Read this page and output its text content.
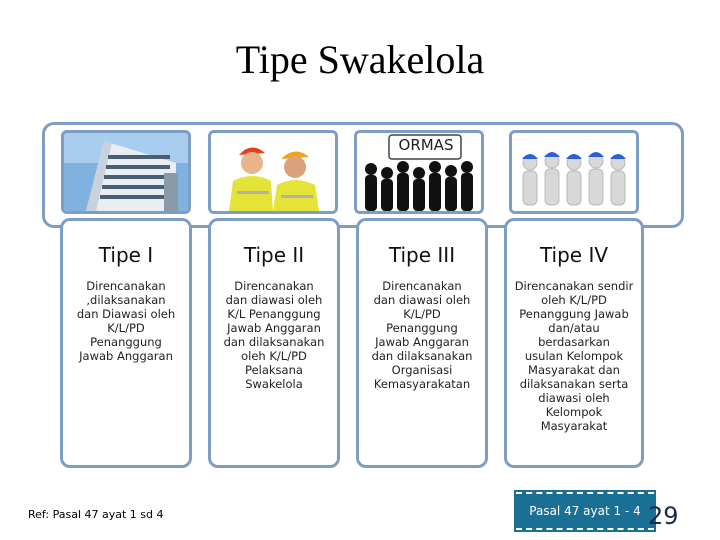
Tipe Swakelola
ORMAS
Tipe I
Direncanakan
,dilaksanakan
dan Diawasi oleh
K/L/PD
Penanggung
Jawab Anggaran
Tipe II
Direncanakan
dan diawasi oleh
K/L Penanggung
Jawab Anggaran
dan dilaksanakan
oleh K/L/PD
Pelaksana
Swakelola
Tipe III
Direncanakan
dan diawasi oleh
K/L/PD
Penanggung
Jawab Anggaran
dan dilaksanakan
Organisasi
Kemasyarakatan
Tipe IV
Direncanakan sendir
oleh K/L/PD
Penanggung Jawab
dan/atau berdasarkan
usulan Kelompok
Masyarakat dan
dilaksanakan serta
diawasi oleh
Kelompok
Masyarakat
Ref: Pasal 47 ayat 1 sd 4	Pasal 47 ayat 1 - 4 29
